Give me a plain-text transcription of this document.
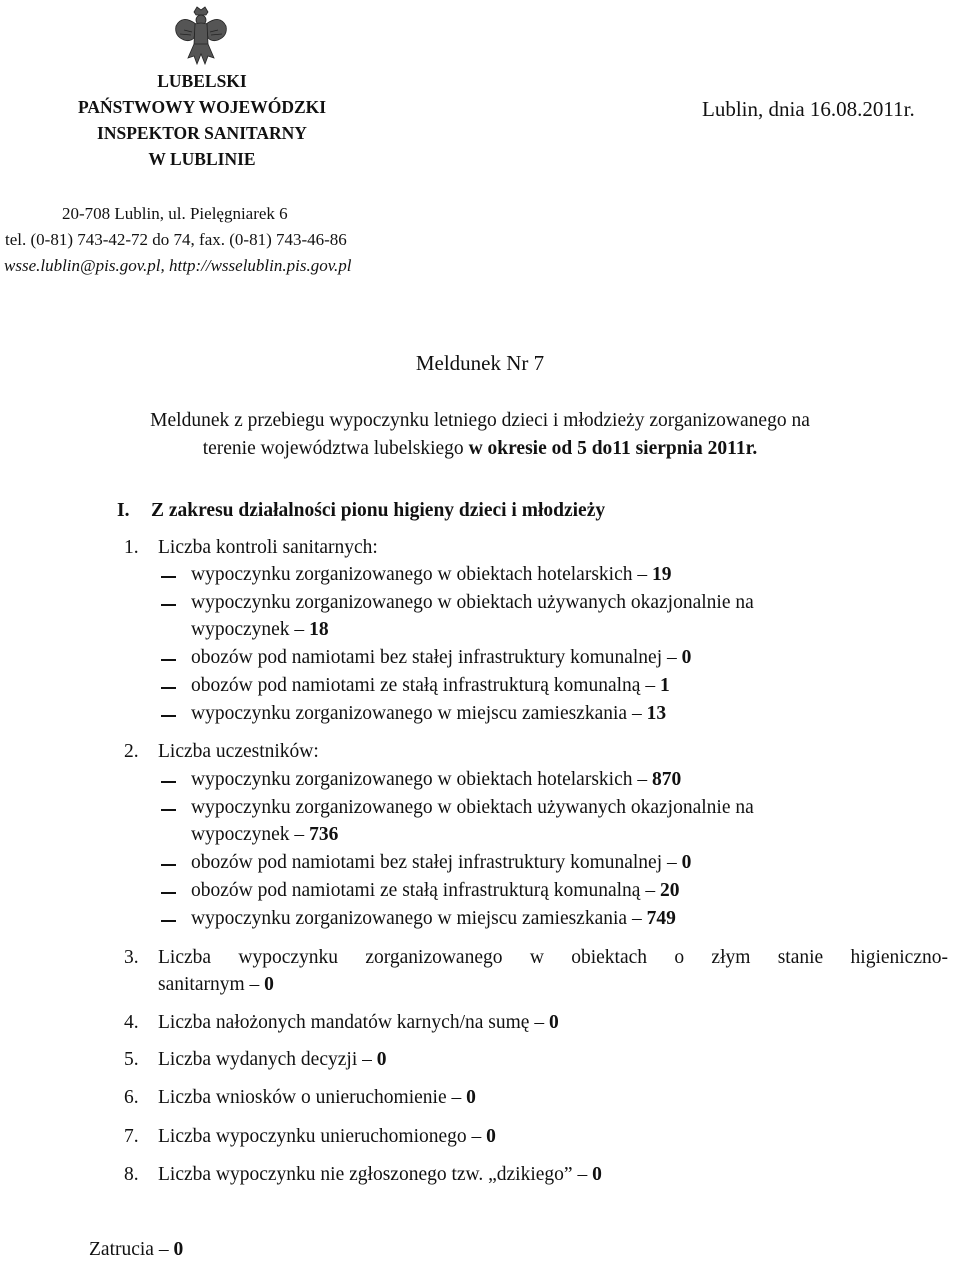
LUBELSKI
PAŃSTWOWY WOJEWÓDZKI
INSPEKTOR SANITARNY
W LUBLINIE
Lublin, dnia 16.08.2011r.
20-708 Lublin, ul. Pielęgniarek 6
tel. (0-81) 743-42-72 do 74, fax. (0-81) 743-46-86
wsse.lublin@pis.gov.pl, http://wsselublin.pis.gov.pl
Meldunek Nr 7
Meldunek z przebiegu wypoczynku letniego dzieci i młodzieży zorganizowanego na
terenie województwa lubelskiego w okresie od 5 do11 sierpnia 2011r.
I. Z zakresu działalności pionu higieny dzieci i młodzieży
1. Liczba kontroli sanitarnych:
wypoczynku zorganizowanego w obiektach hotelarskich – 19
wypoczynku zorganizowanego w obiektach używanych okazjonalnie na
wypoczynek – 18
obozów pod namiotami bez stałej infrastruktury komunalnej – 0
obozów pod namiotami ze stałą infrastrukturą komunalną – 1
wypoczynku zorganizowanego w miejscu zamieszkania – 13
2. Liczba uczestników:
wypoczynku zorganizowanego w obiektach hotelarskich – 870
wypoczynku zorganizowanego w obiektach używanych okazjonalnie na
wypoczynek – 736
obozów pod namiotami bez stałej infrastruktury komunalnej – 0
obozów pod namiotami ze stałą infrastrukturą komunalną – 20
wypoczynku zorganizowanego w miejscu zamieszkania – 749
3. Liczba wypoczynku zorganizowanego w obiektach o złym stanie higieniczno-
sanitarnym – 0
4. Liczba nałożonych mandatów karnych/na sumę – 0
5. Liczba wydanych decyzji – 0
6. Liczba wniosków o unieruchomienie – 0
7. Liczba wypoczynku unieruchomionego – 0
8. Liczba wypoczynku nie zgłoszonego tzw. „dzikiego” – 0
Zatrucia – 0
